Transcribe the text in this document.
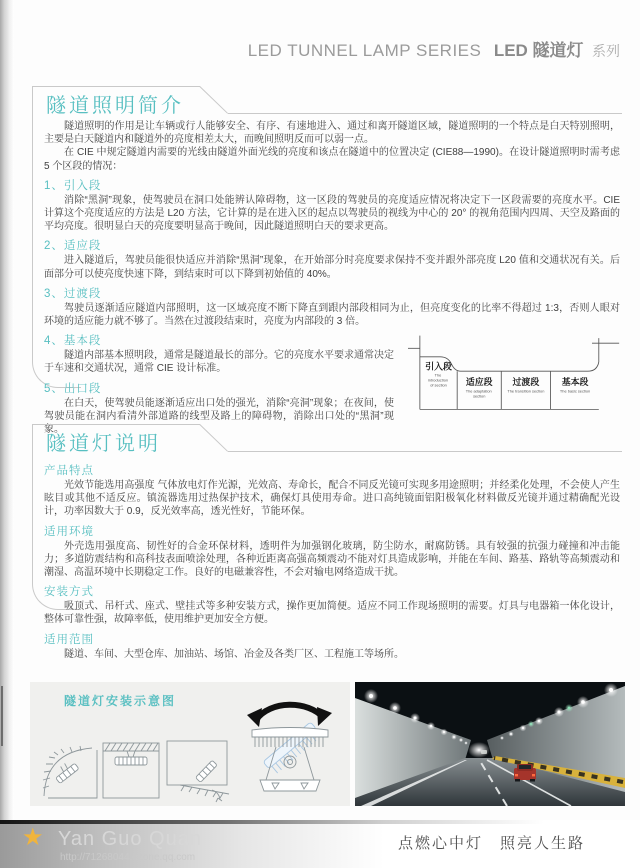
LED TUNNEL LAMP SERIES LED 隧道灯 系列
隧道照明简介

隧道照明的作用是让车辆或行人能够安全、有序、有速地进入、通过和离开隧道区域，隧道照明的一个特点是白天特别照明，主要是白天隧道内和隧道外的亮度相差太大，而晚间照明反而可以弱一点。

在 CIE 中规定隧道内需要的光线由隧道外面光线的亮度和该点在隧道中的位置决定 (CIE88—1990)。在设计隧道照明时需考虑 5 个区段的情况：

1、引入段

消除“黑洞”现象，使驾驶员在洞口处能辨认障碍物，这一区段的驾驶员的亮度适应情况将决定下一区段需要的亮度水平。CIE 计算这个亮度适应的方法是 L20 方法，它计算的是在进入区的起点以驾驶员的视线为中心的 20° 的视角范围内四周、天空及路面的平均亮度。很明显白天的亮度要明显高于晚间，因此隧道照明白天的要求更高。

2、适应段

进入隧道后，驾驶员能很快适应并消除“黑洞”现象，在开始部分时亮度要求保持不变并跟外部亮度 L20 值和交通状况有关。后面部分可以使亮度快速下降，到结束时可以下降到初始值的 40%。

3、过渡段

驾驶员逐渐适应隧道内部照明，这一区域亮度不断下降直到跟内部段相同为止，但亮度变化的比率不得超过 1:3，否则人眼对环境的适应能力就不够了。当然在过渡段结束时，亮度为内部段的 3 倍。

4、基本段

隧道内部基本照明段，通常是隧道最长的部分。它的亮度水平要求通常决定于车速和交通状况，通常 CIE 设计标准。

5、出口段

在白天，使驾驶员能逐渐适应出口处的强光，消除“亮洞”现象；在夜间，使驾驶员能在洞内看清外部道路的线型及路上的障碍物，消除出口处的“黑洞”现象。

引入段
适应段 过渡段 基本段
The introduction of section
The adaptation section
The transition section	The basic section
隧道灯说明
产品特点

光效节能选用高强度 气体放电灯作光源，光效高、寿命长，配合不同反光镜可实现多用途照明；并经柔化处理，不会使人产生眩目或其他不适反应。镇流器选用过热保护技术，确保灯具使用寿命。进口高纯镜面铝阳极氧化材料做反光镜并通过精确配光设计，功率因数大于 0.9，反光效率高，透光性好，节能环保。

适用环境

外壳选用强度高、韧性好的合金环保材料，透明件为加强钢化玻璃，防尘防水，耐腐防锈。具有较强的抗强力碰撞和冲击能力；多道防震结构和高科技表面喷涂处理，各种近距离高强高频震动不能对灯具造成影响，并能在车间、路基、路轨等高频震动和潮湿、高温环境中长期稳定工作。良好的电磁兼容性，不会对输电网络造成干扰。

安装方式

吸顶式、吊杆式、座式、壁挂式等多种安装方式，操作更加简便。适应不同工作现场照明的需要。灯具与电器箱一体化设计，整体可靠性强，故障率低，使用维护更加安全方便。

适用范围

隧道、车间、大型仓库、加油站、场馆、冶金及各类厂区、工程施工等场所。

隧道灯安装示意图
★ Yan Guo Quan
http://71268044.qzone.qq.com
点燃心中灯　照亮人生路
